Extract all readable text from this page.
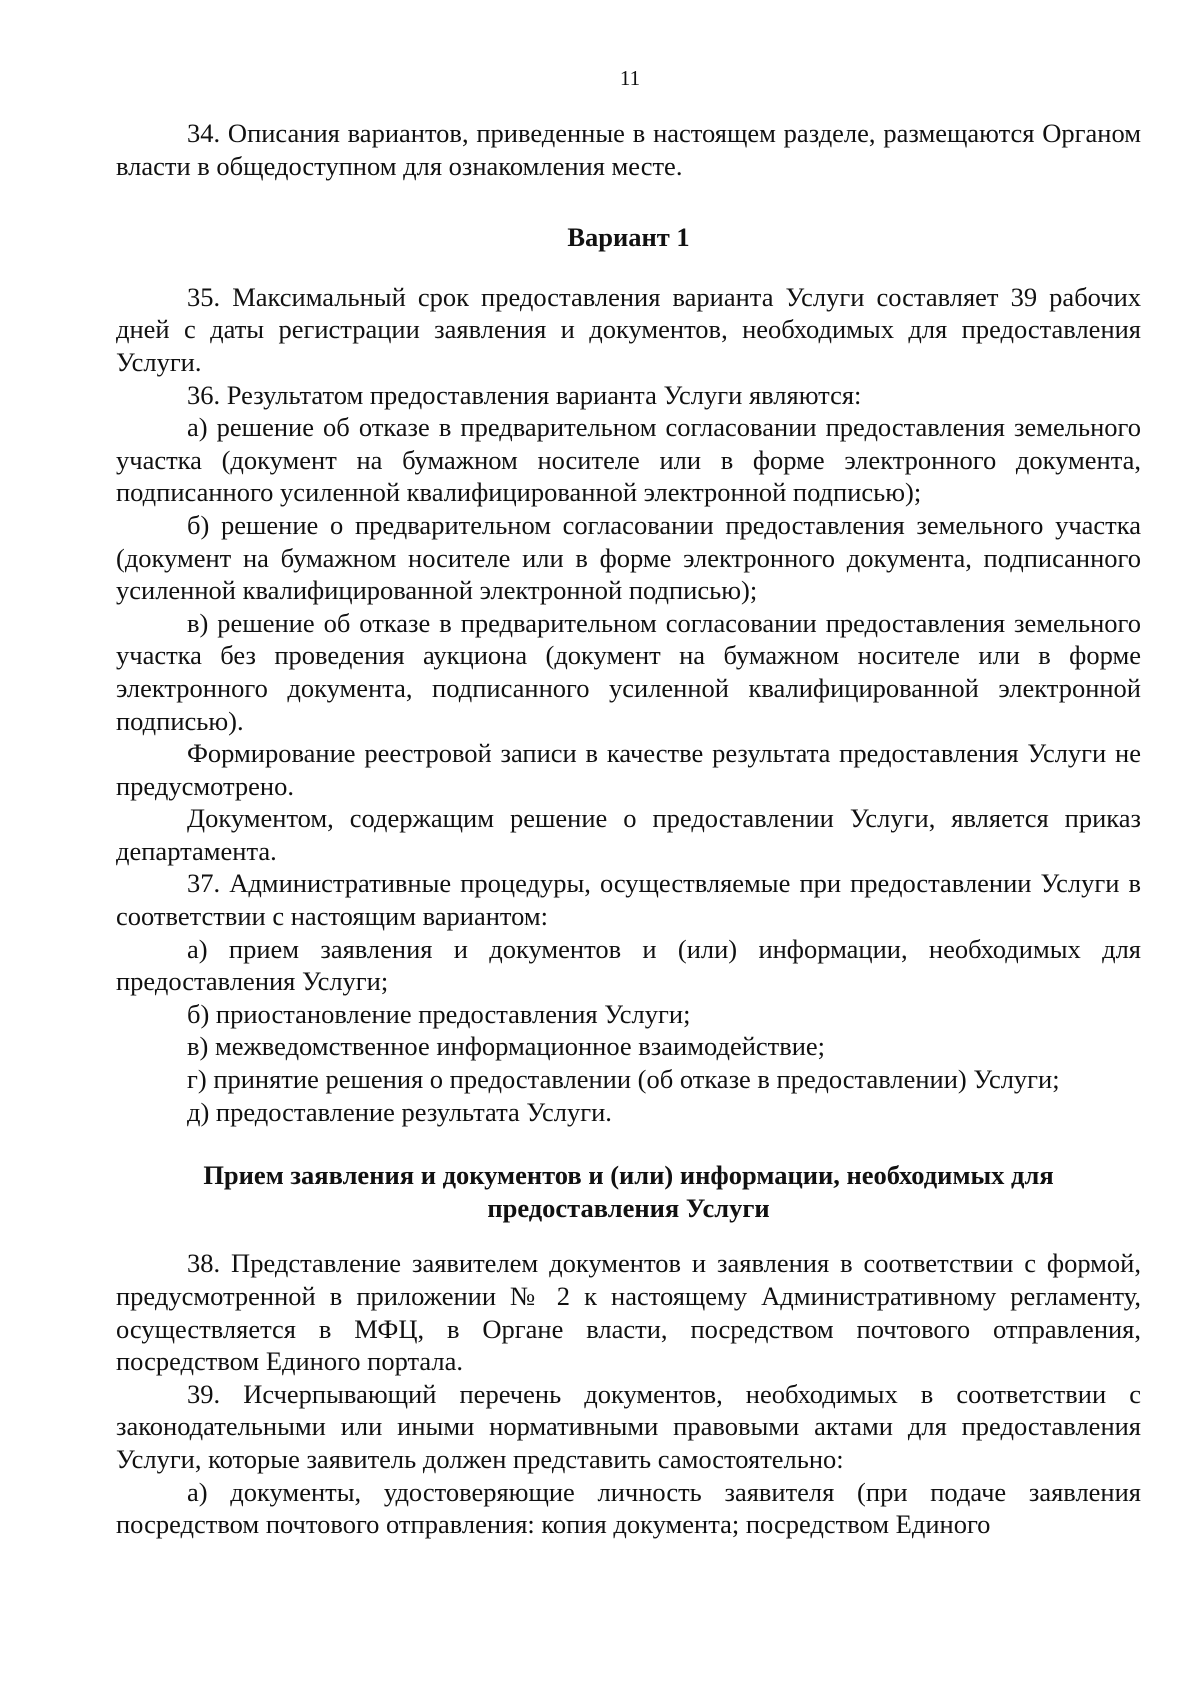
11

34. Описания вариантов, приведенные в настоящем разделе, размещаются Органом власти в общедоступном для ознакомления месте.

Вариант 1

35. Максимальный срок предоставления варианта Услуги составляет 39 рабочих дней с даты регистрации заявления и документов, необходимых для предоставления Услуги.

36. Результатом предоставления варианта Услуги являются:

а) решение об отказе в предварительном согласовании предоставления земельного участка (документ на бумажном носителе или в форме электронного документа, подписанного усиленной квалифицированной электронной подписью);

б) решение о предварительном согласовании предоставления земельного участка (документ на бумажном носителе или в форме электронного документа, подписанного усиленной квалифицированной электронной подписью);

в) решение об отказе в предварительном согласовании предоставления земельного участка без проведения аукциона (документ на бумажном носителе или в форме электронного документа, подписанного усиленной квалифицированной электронной подписью).

Формирование реестровой записи в качестве результата предоставления Услуги не предусмотрено.

Документом, содержащим решение о предоставлении Услуги, является приказ департамента.

37. Административные процедуры, осуществляемые при предоставлении Услуги в соответствии с настоящим вариантом:

а) прием заявления и документов и (или) информации, необходимых для предоставления Услуги;

б) приостановление предоставления Услуги;

в) межведомственное информационное взаимодействие;

г) принятие решения о предоставлении (об отказе в предоставлении) Услуги;

д) предоставление результата Услуги.

Прием заявления и документов и (или) информации, необходимых для предоставления Услуги

38. Представление заявителем документов и заявления в соответствии с формой, предусмотренной в приложении № 2 к настоящему Административному регламенту, осуществляется в МФЦ, в Органе власти, посредством почтового отправления, посредством Единого портала.

39. Исчерпывающий перечень документов, необходимых в соответствии с законодательными или иными нормативными правовыми актами для предоставления Услуги, которые заявитель должен представить самостоятельно:

а) документы, удостоверяющие личность заявителя (при подаче заявления посредством почтового отправления: копия документа; посредством Единого
